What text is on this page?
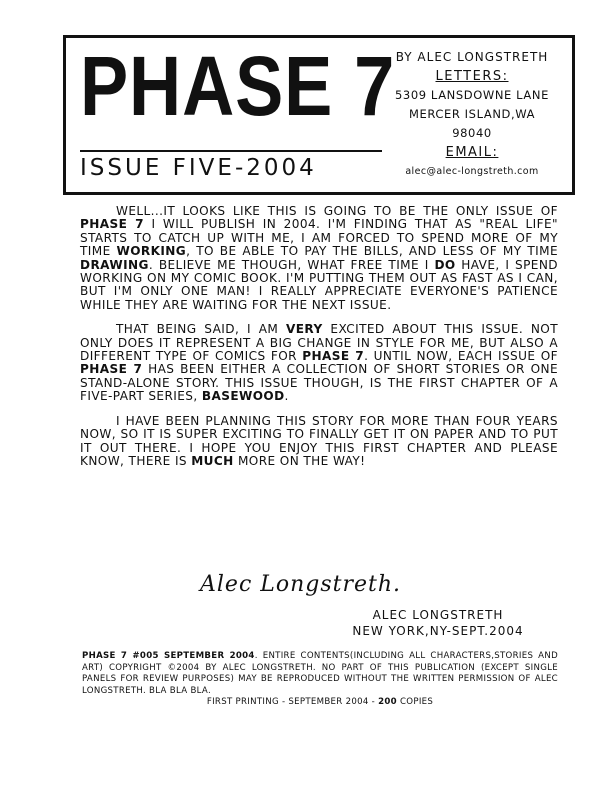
PHASE 7
ISSUE FIVE-2004
BY ALEC LONGSTRETH
LETTERS:
5309 LANSDOWNE LANE
MERCER ISLAND,WA
98040
EMAIL:
alec@alec-longstreth.com

WELL...IT LOOKS LIKE THIS IS GOING TO BE THE ONLY ISSUE OF PHASE 7 I WILL PUBLISH IN 2004. I'M FINDING THAT AS "REAL LIFE" STARTS TO CATCH UP WITH ME, I AM FORCED TO SPEND MORE OF MY TIME WORKING, TO BE ABLE TO PAY THE BILLS, AND LESS OF MY TIME DRAWING. BELIEVE ME THOUGH, WHAT FREE TIME I DO HAVE, I SPEND WORKING ON MY COMIC BOOK. I'M PUTTING THEM OUT AS FAST AS I CAN, BUT I'M ONLY ONE MAN! I REALLY APPRECIATE EVERYONE'S PATIENCE WHILE THEY ARE WAITING FOR THE NEXT ISSUE.

THAT BEING SAID, I AM VERY EXCITED ABOUT THIS ISSUE. NOT ONLY DOES IT REPRESENT A BIG CHANGE IN STYLE FOR ME, BUT ALSO A DIFFERENT TYPE OF COMICS FOR PHASE 7. UNTIL NOW, EACH ISSUE OF PHASE 7 HAS BEEN EITHER A COLLECTION OF SHORT STORIES OR ONE STAND-ALONE STORY. THIS ISSUE THOUGH, IS THE FIRST CHAPTER OF A FIVE-PART SERIES, BASEWOOD.

I HAVE BEEN PLANNING THIS STORY FOR MORE THAN FOUR YEARS NOW, SO IT IS SUPER EXCITING TO FINALLY GET IT ON PAPER AND TO PUT IT OUT THERE. I HOPE YOU ENJOY THIS FIRST CHAPTER AND PLEASE KNOW, THERE IS MUCH MORE ON THE WAY!

Alec Longstreth.
ALEC LONGSTRETH
NEW YORK,NY-SEPT.2004
PHASE 7 #005 SEPTEMBER 2004. ENTIRE CONTENTS(INCLUDING ALL CHARACTERS,STORIES AND ART) COPYRIGHT ©2004 BY ALEC LONGSTRETH. NO PART OF THIS PUBLICATION (EXCEPT SINGLE PANELS FOR REVIEW PURPOSES) MAY BE REPRODUCED WITHOUT THE WRITTEN PERMISSION OF ALEC LONGSTRETH. BLA BLA BLA.
FIRST PRINTING - SEPTEMBER 2004 - 200 COPIES
